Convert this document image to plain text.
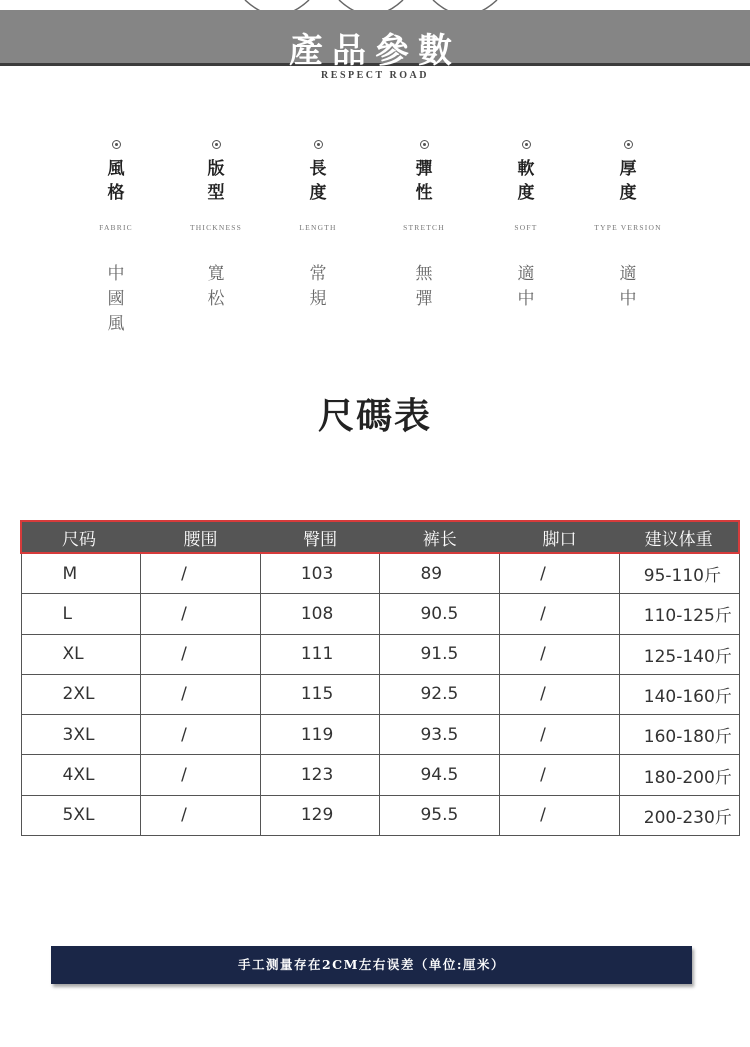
產品參數
RESPECT ROAD
風格
FABRIC
中國風
版型
THICKNESS
寬松
長度
LENGTH
常規
彈性
STRETCH
無彈
軟度
SOFT
適中
厚度
TYPE VERSION
適中
尺碼表
尺码	腰围	臀围	裤长	脚口	建议体重
M	/	103	89	/	95-110斤
L	/	108	90.5	/	110-125斤
XL	/	111	91.5	/	125-140斤
2XL	/	115	92.5	/	140-160斤
3XL	/	119	93.5	/	160-180斤
4XL	/	123	94.5	/	180-200斤
5XL	/	129	95.5	/	200-230斤
手工测量存在2CM左右误差（单位:厘米）
